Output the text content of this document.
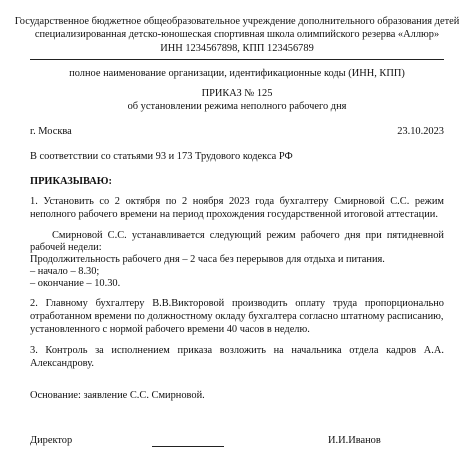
Государственное бюджетное общеобразовательное учреждение дополнительного образования детей
специализированная детско-юношеская спортивная школа олимпийского резерва «Аллюр»
ИНН 1234567898, КПП 123456789
полное наименование организации, идентификационные коды (ИНН, КПП)
ПРИКАЗ № 125
об установлении режима неполного рабочего дня
г. Москва	23.10.2023
В соответствии со статьями 93 и 173 Трудового кодекса РФ
ПРИКАЗЫВАЮ:
1. Установить со 2 октября по 2 ноября 2023 года бухгалтеру Смирновой С.С. режим
неполного рабочего времени на период прохождения государственной итоговой аттестации.
Смирновой С.С. устанавливается следующий режим рабочего дня при пятидневной
рабочей недели:
Продолжительность рабочего дня – 2 часа без перерывов для отдыха и питания.
– начало – 8.30;
– окончание – 10.30.
2. Главному бухгалтеру В.В.Викторовой производить оплату труда пропорционально
отработанном времени по должностному окладу бухгалтера согласно штатному расписанию,
установленного с нормой рабочего времени 40 часов в неделю.
3. Контроль за исполнением приказа возложить на начальника отдела кадров А.А.
Александрову.
Основание: заявление С.С. Смирновой.
Директор	И.И.Иванов
